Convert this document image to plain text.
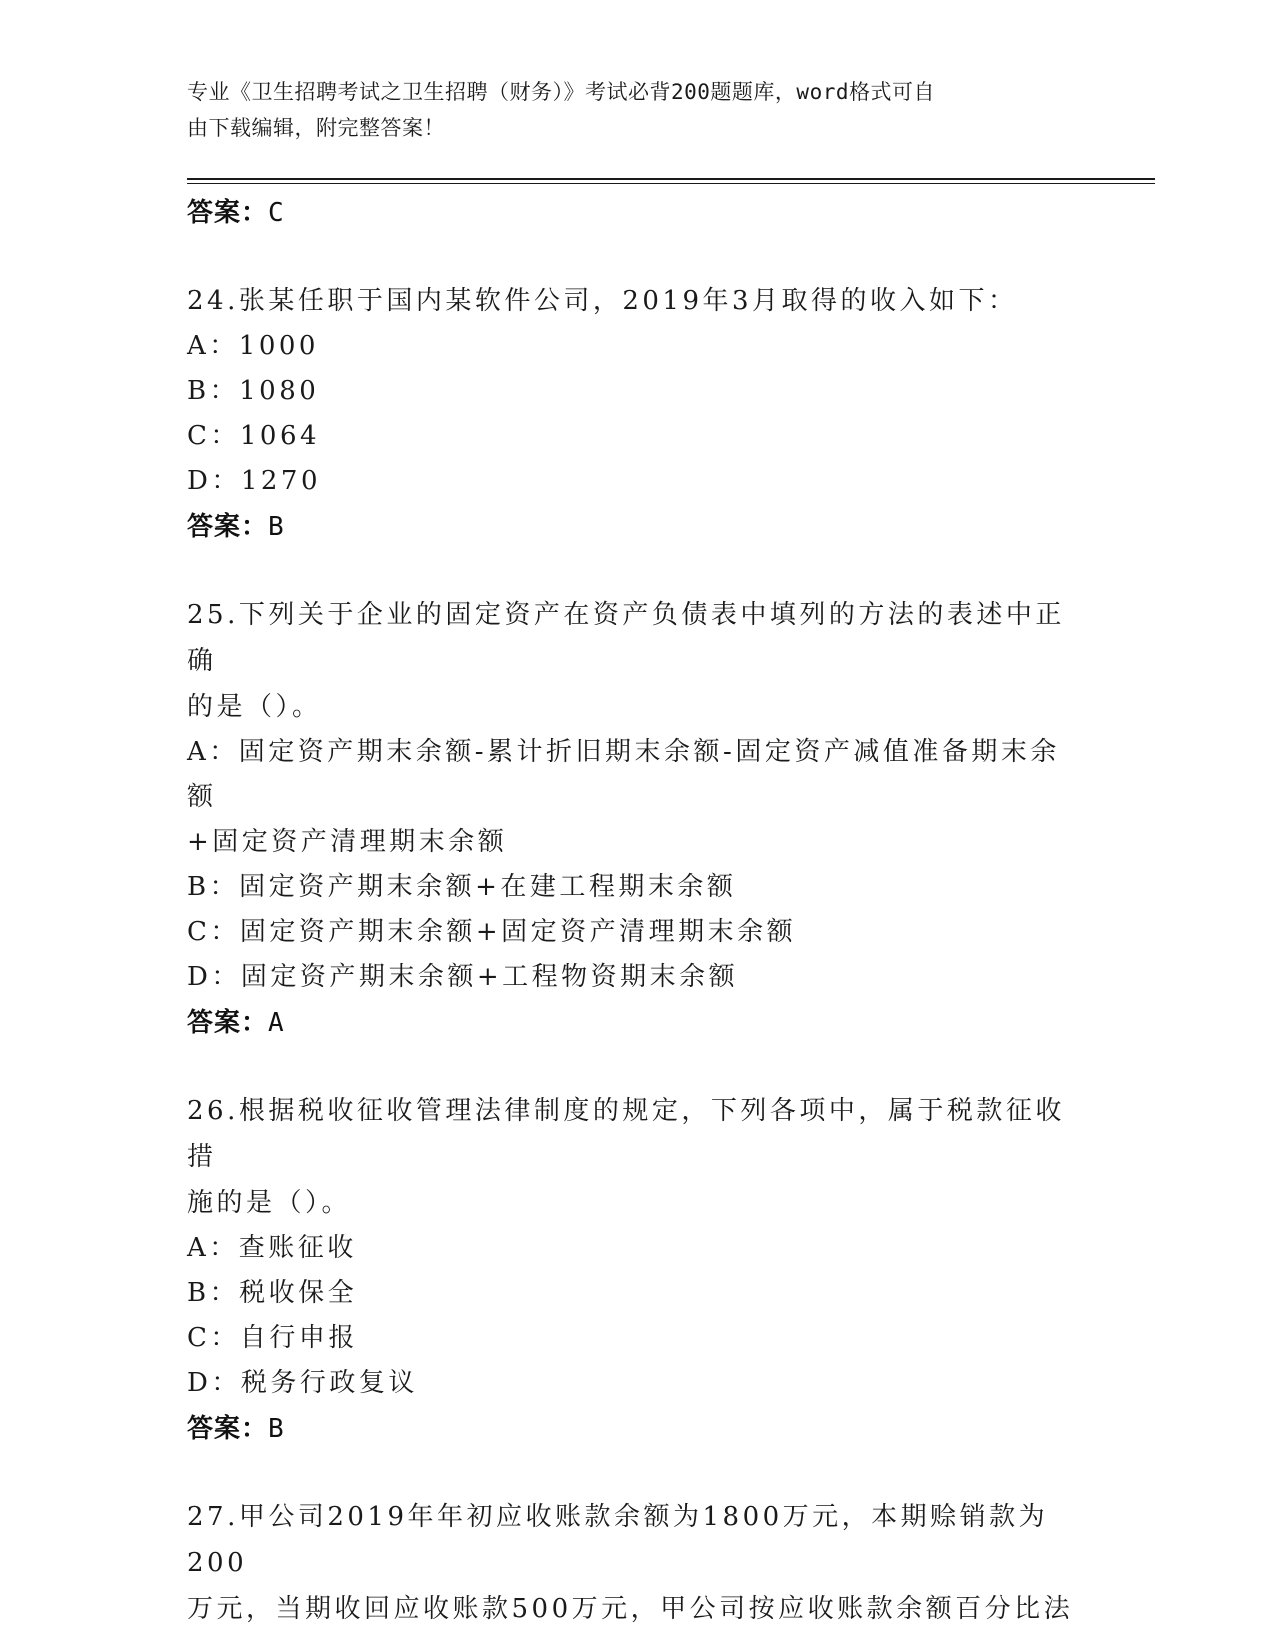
专业《卫生招聘考试之卫生招聘（财务）》考试必背200题题库，word格式可自
由下载编辑，附完整答案！
答案：C
24.张某任职于国内某软件公司，2019年3月取得的收入如下：
A：1000
B：1080
C：1064
D：1270
答案：B
25.下列关于企业的固定资产在资产负债表中填列的方法的表述中正确
的是（）。
A：固定资产期末余额-累计折旧期末余额-固定资产减值准备期末余额
+固定资产清理期末余额
B：固定资产期末余额+在建工程期末余额
C：固定资产期末余额+固定资产清理期末余额
D：固定资产期末余额+工程物资期末余额
答案：A
26.根据税收征收管理法律制度的规定，下列各项中，属于税款征收措
施的是（）。
A：查账征收
B：税收保全
C：自行申报
D：税务行政复议
答案：B
27.甲公司2019年年初应收账款余额为1800万元，本期赊销款为200
万元，当期收回应收账款500万元，甲公司按应收账款余额百分比法
